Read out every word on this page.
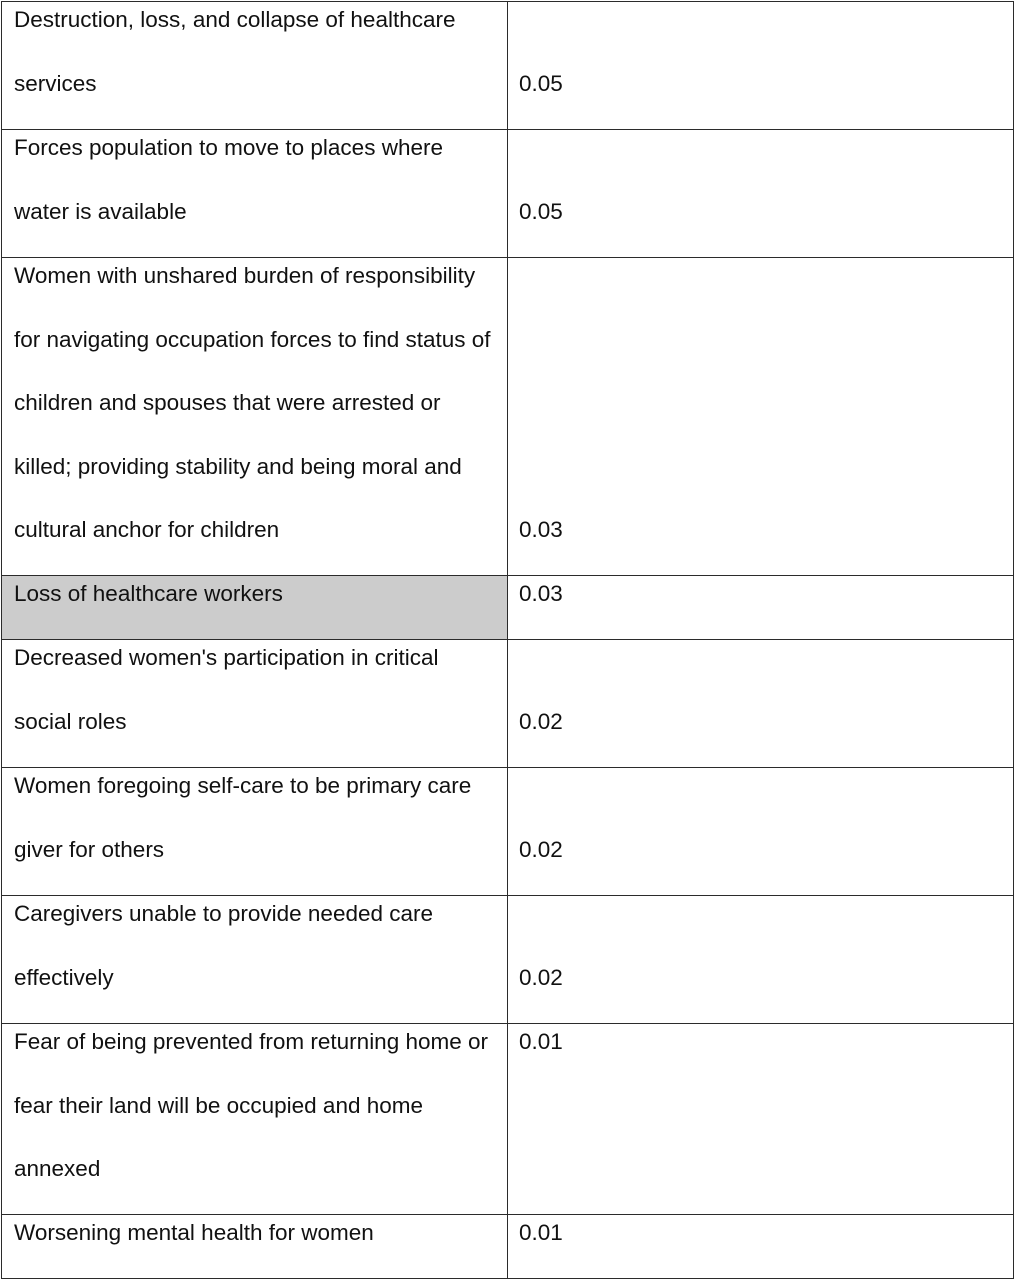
Destruction, loss, and collapse of healthcare services	0.05

Forces population to move to places where water is available	0.05

Women with unshared burden of responsibility for navigating occupation forces to find status of children and spouses that were arrested or killed; providing stability and being moral and cultural anchor for children	0.03

Loss of healthcare workers	0.03

Decreased women's participation in critical social roles	0.02

Women foregoing self-care to be primary care giver for others	0.02

Caregivers unable to provide needed care effectively	0.02

Fear of being prevented from returning home or fear their land will be occupied and home annexed	0.01

Worsening mental health for women	0.01
